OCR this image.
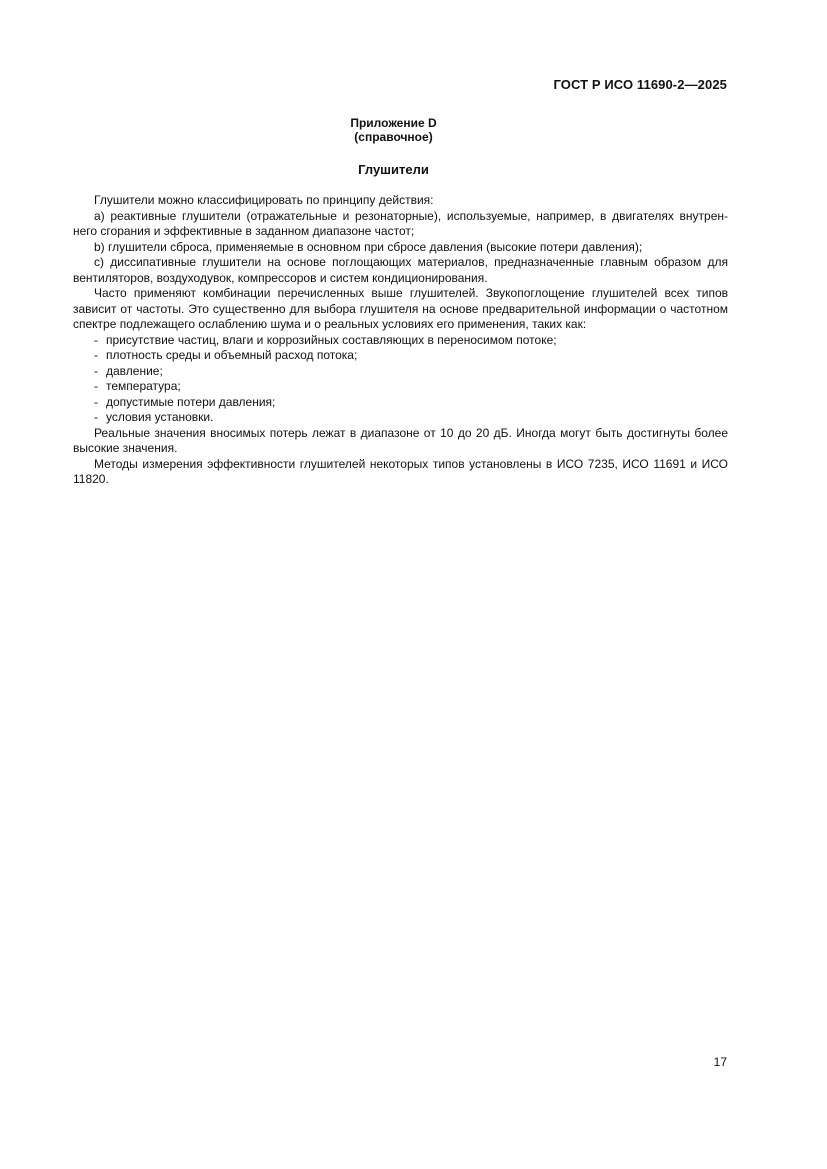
ГОСТ Р ИСО 11690-2—2025
Приложение D
(справочное)
Глушители

Глушители можно классифицировать по принципу действия:

а) реактивные глушители (отражательные и резонаторные), используемые, например, в двигателях внутрен-него сгорания и эффективные в заданном диапазоне частот;

b) глушители сброса, применяемые в основном при сбросе давления (высокие потери давления);

с) диссипативные глушители на основе поглощающих материалов, предназначенные главным образом для вентиляторов, воздуходувок, компрессоров и систем кондиционирования.

Часто применяют комбинации перечисленных выше глушителей. Звукопоглощение глушителей всех типов зависит от частоты. Это существенно для выбора глушителя на основе предварительной информации о частотном спектре подлежащего ослаблению шума и о реальных условиях его применения, таких как:

- присутствие частиц, влаги и коррозийных составляющих в переносимом потоке;
- плотность среды и объемный расход потока;
- давление;
- температура;
- допустимые потери давления;
- условия установки.

Реальные значения вносимых потерь лежат в диапазоне от 10 до 20 дБ. Иногда могут быть достигнуты более высокие значения.

Методы измерения эффективности глушителей некоторых типов установлены в ИСО 7235, ИСО 11691 и ИСО 11820.

17
